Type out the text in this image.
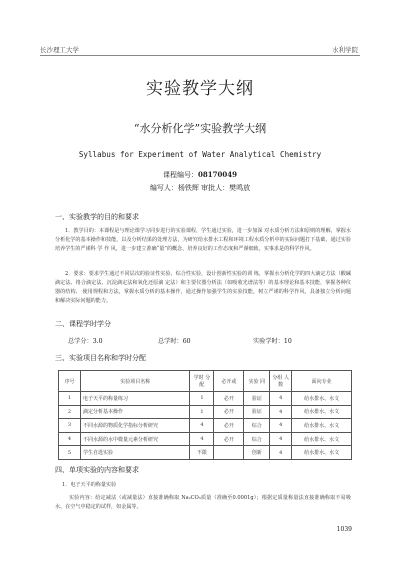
长沙理工大学	水利学院
实验教学大纲
“水分析化学”实验教学大纲
Syllabus for Experiment of Water Analytical Chemistry
课程编号：08170049
编写人：杨铁辉 审批人：樊鸣放
一、实验教学的目的和要求
1．教学目的：本课程是与理论课学习同步进行的实验课程，学生通过实验，进一步加深 对水质分析方法和原则的理解，掌握水分析化学的基本操作和技能，以及分析结果的处理方法，为研究给水排水工程和环境工程水质分析中的实际问题打下基础，通过实验培养学生的严谨科 学 作 风，进一步建立准确“量”的概念，培养良好的工作态度和严谨细致，实事求是的科学作风。
2．要求：要求学生通过不同层次的验证性实验、综合性实验，设计创新性实验的训 练，掌握水分析化学的四大滴定方法（酸碱滴定法、络合滴定法、沉淀滴定法和氧化还原滴 定法）和主要仪器分析法（如吸收光谱法等）的基本理论和基本技能，掌握各种仪器的结构、 使用规程和方法，掌握水质分析的基本操作，通过操作加强学生的实验技能，树立严谨的科学作风，具备独立分析问题和解决实际问题的能力。
二、课程学时学分
总学分：3.0	总学时：60	实验学时：10
三、实验项目名称和学时分配
序号	实验项目名称	学时 分 配	必开或	实验 同	分组 人 数	面向专业
1	电子天平的称量练习	1	必开	验证	4	给水排水、水文
2	滴定分析基本操作	1	必开	验证	4	给水排水、水文
3	不同水源的物质化学指标分析研究	4	必开	综合	4	给水排水、水文
4	不同水源的水中微量元素分析研究	4	必开	综合	4	给水排水、水文
5	学生自选实验	不限		创新	4	给水排水、水文
四、单项实验的内容和要求
1．电子天平的称量实验
实验内容：给定减法（或减量法）直接准确称取 Na₂CO₃质量（准确至0.0001g）；根据定质量称量法直接准确称取不易吸水、在空气中稳定的试样，如金属等。
1039
